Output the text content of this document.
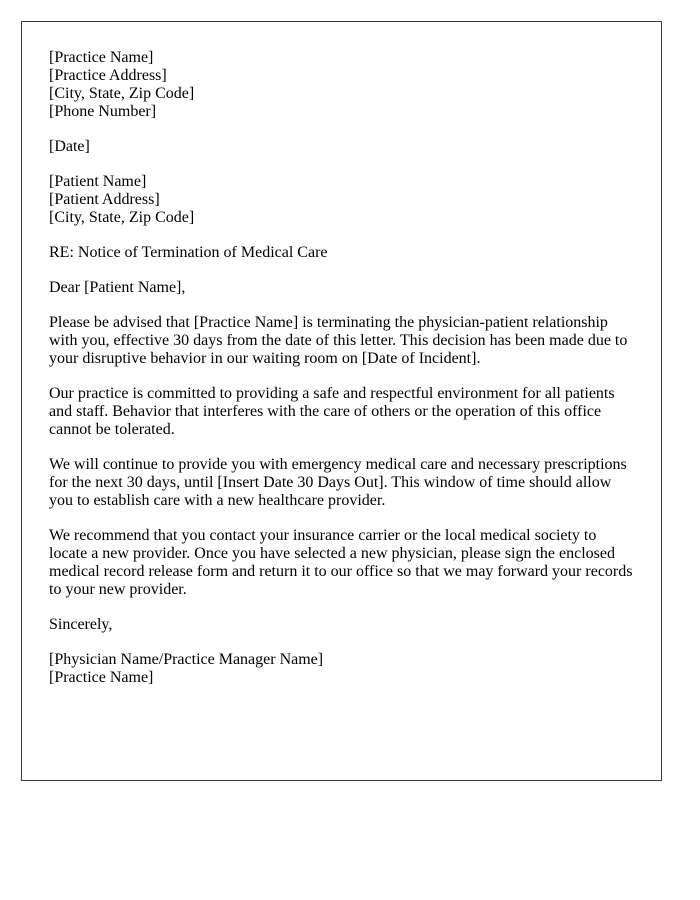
[Practice Name]
[Practice Address]
[City, State, Zip Code]
[Phone Number]
[Date]
[Patient Name]
[Patient Address]
[City, State, Zip Code]
RE: Notice of Termination of Medical Care
Dear [Patient Name],

Please be advised that [Practice Name] is terminating the physician-patient relationship with you, effective 30 days from the date of this letter. This decision has been made due to your disruptive behavior in our waiting room on [Date of Incident].

Our practice is committed to providing a safe and respectful environment for all patients and staff. Behavior that interferes with the care of others or the operation of this office cannot be tolerated.

We will continue to provide you with emergency medical care and necessary prescriptions for the next 30 days, until [Insert Date 30 Days Out]. This window of time should allow you to establish care with a new healthcare provider.

We recommend that you contact your insurance carrier or the local medical society to locate a new provider. Once you have selected a new physician, please sign the enclosed medical record release form and return it to our office so that we may forward your records to your new provider.

Sincerely,
[Physician Name/Practice Manager Name]
[Practice Name]
